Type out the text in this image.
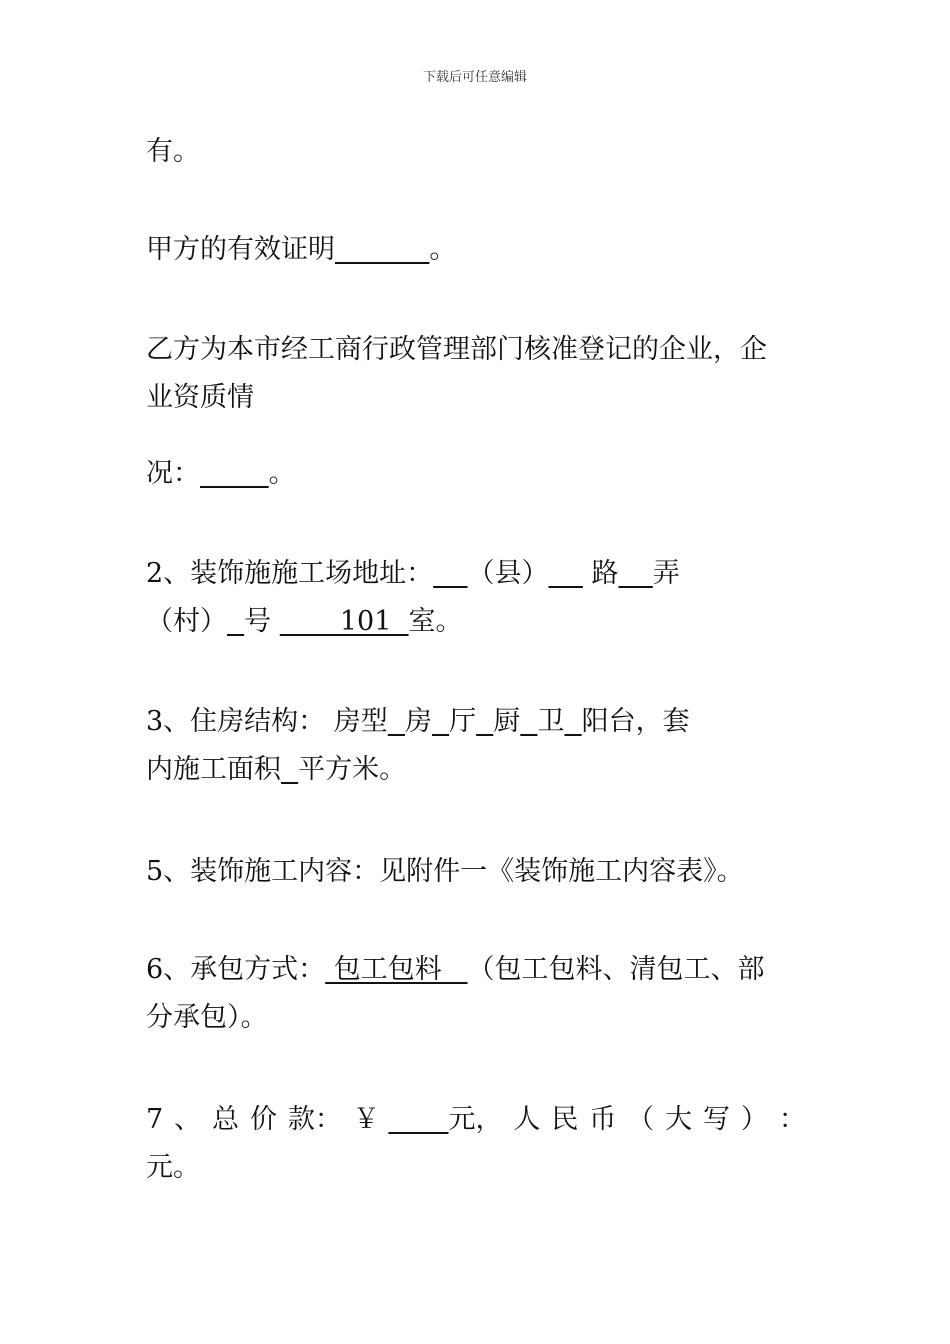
下载后可任意编辑
有。
甲方的有效证明	。
乙方为本市经工商行政管理部门核准登记的企业，企
业资质情
况：	。
2、装饰施施工场地址： （县）     路 弄
（村） 号        101  室。
3、住房结构： 房型 房 厅 厨 卫 阳台，套
内施工面积 平方米。
5、装饰施工内容：见附件一《装饰施工内容表》。
6、承包方式： 包工包料   （包工包料、清包工、部
分承包）。
7 、 总 价 款： ￥	元， 人 民 币 （ 大 写 ） ：
元。
